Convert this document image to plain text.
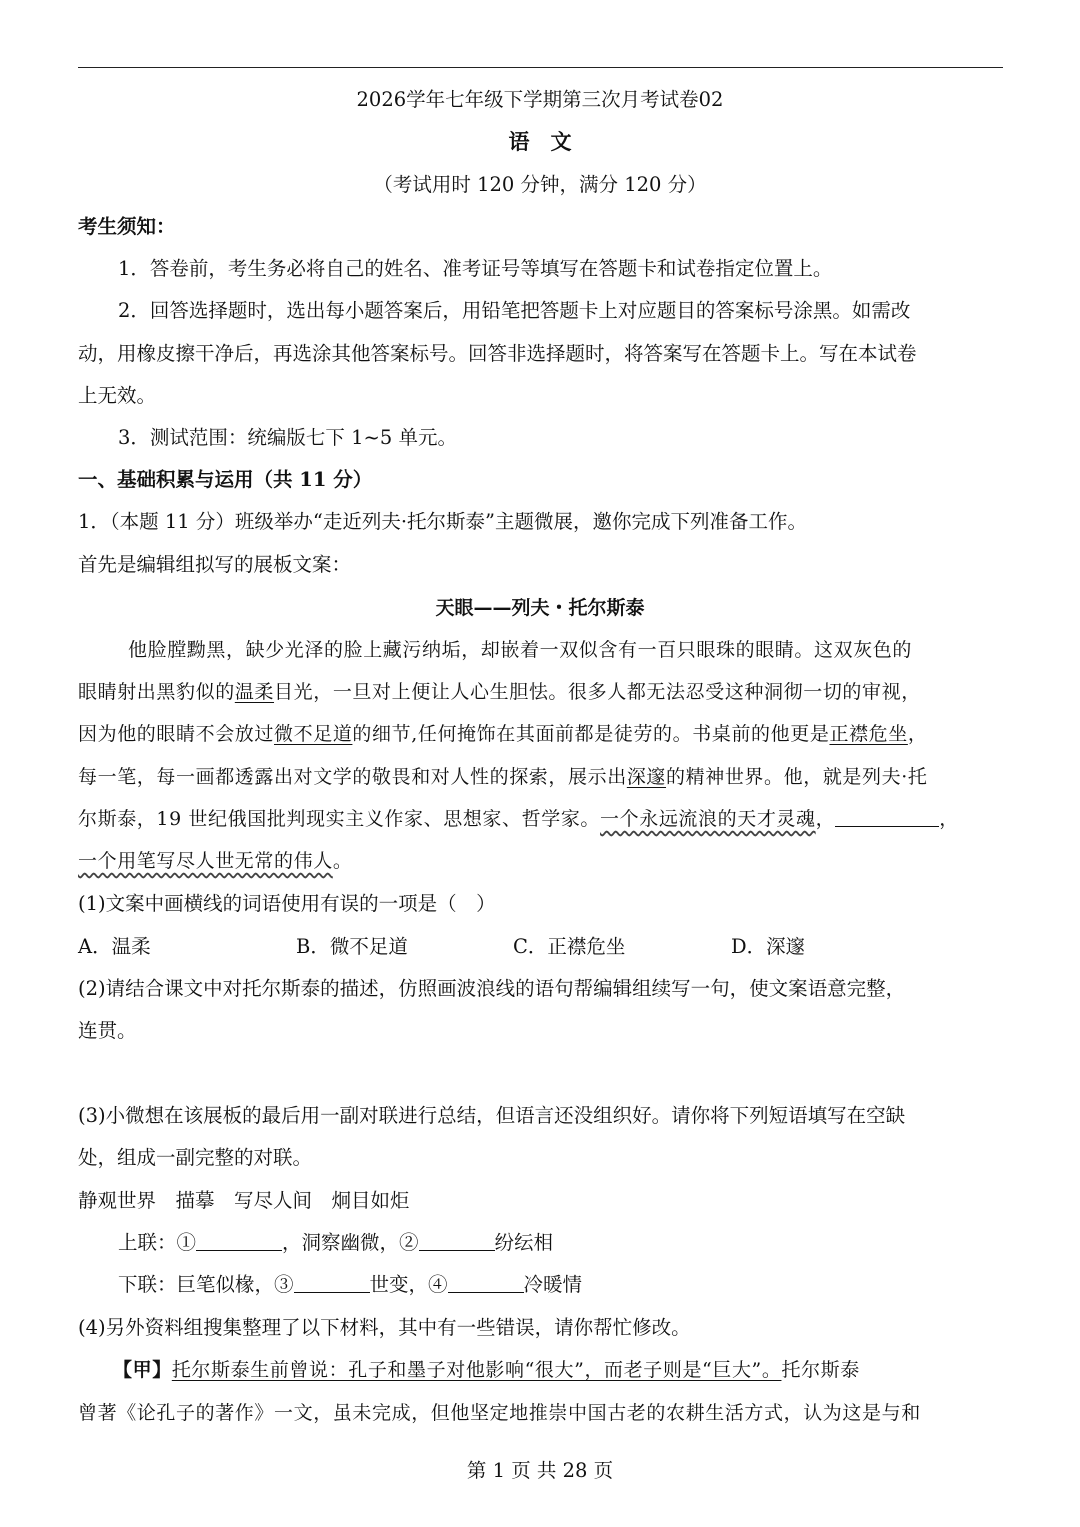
2026学年七年级下学期第三次月考试卷02
语　文
（考试用时 120 分钟，满分 120 分）
考生须知：
1．答卷前，考生务必将自己的姓名、准考证号等填写在答题卡和试卷指定位置上。
2．回答选择题时，选出每小题答案后，用铅笔把答题卡上对应题目的答案标号涂黑。如需改
动，用橡皮擦干净后，再选涂其他答案标号。回答非选择题时，将答案写在答题卡上。写在本试卷
上无效。
3．测试范围：统编版七下 1~5 单元。
一、基础积累与运用（共 11 分）
1．（本题 11 分）班级举办“走近列夫·托尔斯泰”主题微展，邀你完成下列准备工作。
首先是编辑组拟写的展板文案：
天眼——列夫・托尔斯泰
他脸膛黝黑，缺少光泽的脸上藏污纳垢，却嵌着一双似含有一百只眼珠的眼睛。这双灰色的
眼睛射出黑豹似的温柔目光，一旦对上便让人心生胆怯。很多人都无法忍受这种洞彻一切的审视，
因为他的眼睛不会放过微不足道的细节,任何掩饰在其面前都是徒劳的。书桌前的他更是正襟危坐，
每一笔，每一画都透露出对文学的敬畏和对人性的探索，展示出深邃的精神世界。他，就是列夫·托
尔斯泰，19 世纪俄国批判现实主义作家、思想家、哲学家。一个永远流浪的天才灵魂，	，
一个用笔写尽人世无常的伟人。
(1)文案中画横线的词语使用有误的一项是（　）
A．温柔	B．微不足道	C．正襟危坐	D．深邃
(2)请结合课文中对托尔斯泰的描述，仿照画波浪线的语句帮编辑组续写一句，使文案语意完整，
连贯。
(3)小微想在该展板的最后用一副对联进行总结，但语言还没组织好。请你将下列短语填写在空缺
处，组成一副完整的对联。
静观世界　描摹　写尽人间　炯目如炬
上联：①	，洞察幽微，②	纷纭相
下联：巨笔似椽，③	世变，④	冷暖情
(4)另外资料组搜集整理了以下材料，其中有一些错误，请你帮忙修改。
【甲】托尔斯泰生前曾说：孔子和墨子对他影响“很大”，而老子则是“巨大”。托尔斯泰
曾著《论孔子的著作》一文，虽未完成，但他坚定地推崇中国古老的农耕生活方式，认为这是与和
第 1 页 共 28 页
